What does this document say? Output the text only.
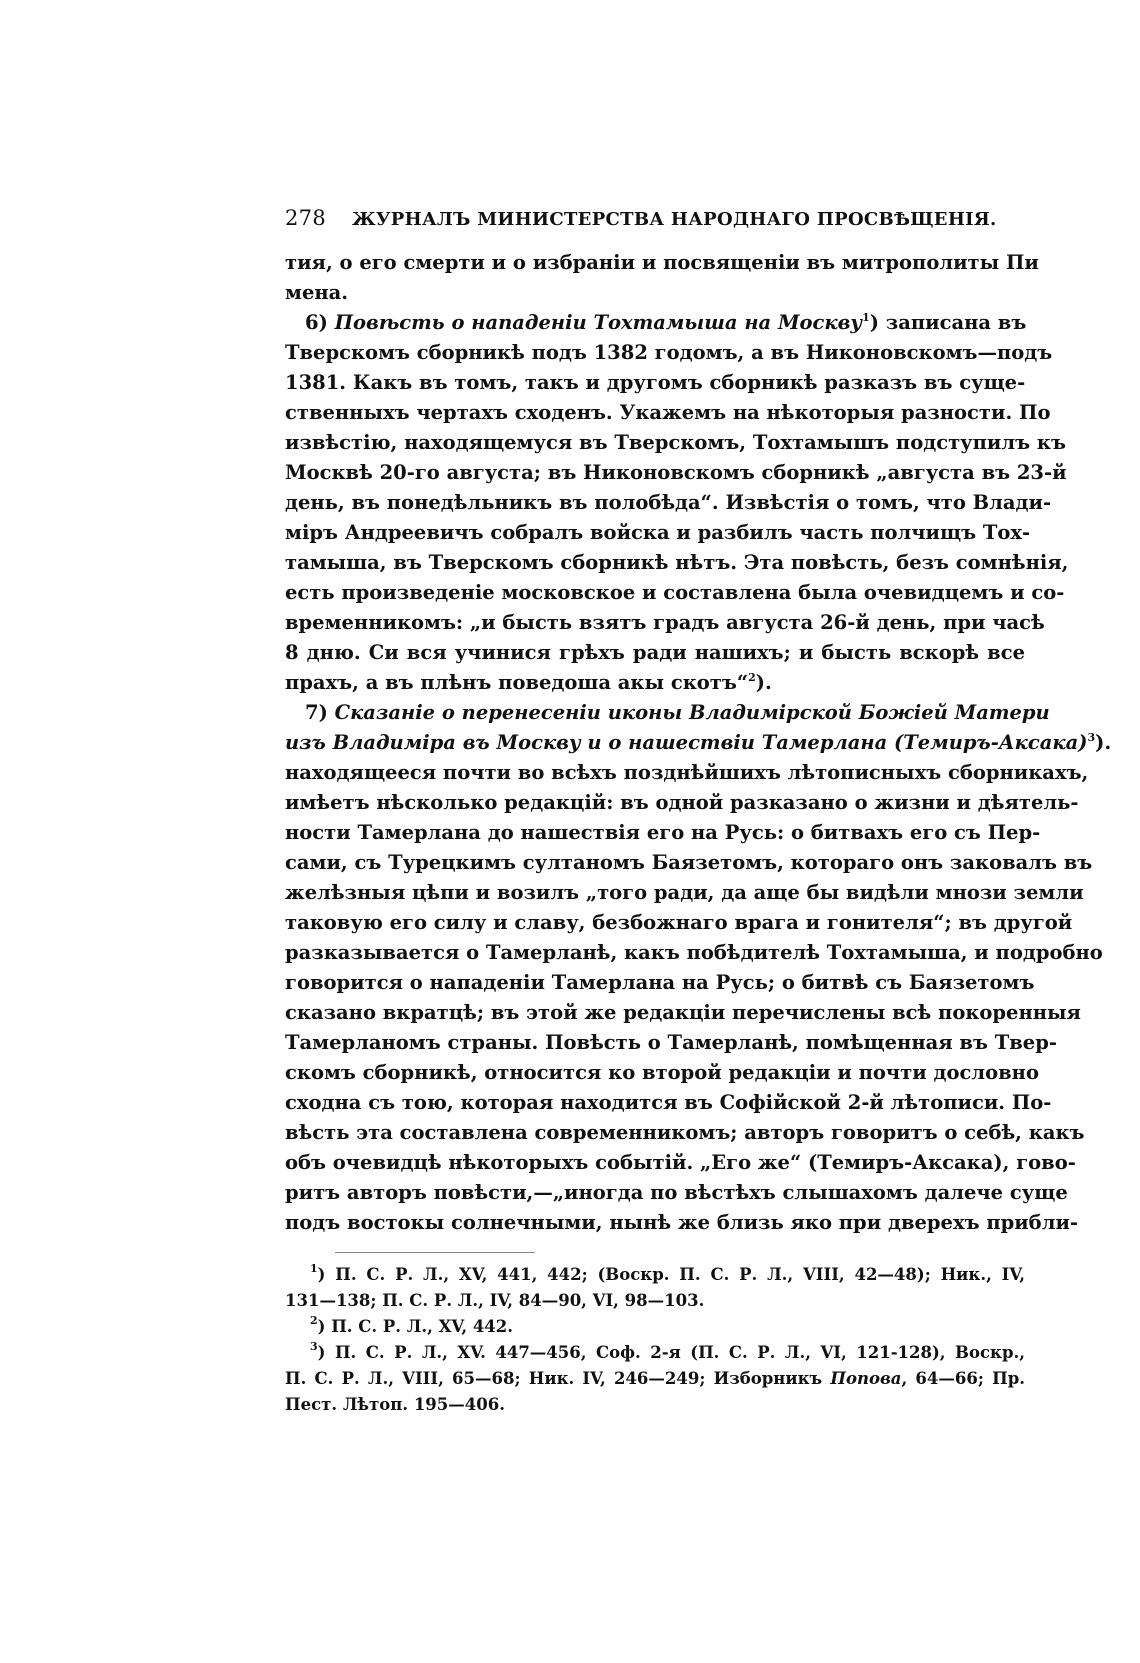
278 ЖУРНАЛЪ МИНИСТЕРСТВА НАРОДНАГО ПРОСВѢЩЕНІЯ.
тия, о его смерти и о избраніи и посвященіи въ митрополиты Пи
мена.
6) Повѣсть о нападеніи Тохтамыша на Москву$^1$) записана въ
Тверскомъ сборникѣ подъ 1382 годомъ, а въ Никоновскомъ—подъ
1381. Какъ въ томъ, такъ и другомъ сборникѣ разказъ въ суще-
ственныхъ чертахъ сходенъ. Укажемъ на нѣкоторыя разности. По
извѣстію, находящемуся въ Тверскомъ, Тохтамышъ подступилъ къ
Москвѣ 20-го августа; въ Никоновскомъ сборникѣ „августа въ 23-й
день, въ понедѣльникъ въ полобѣда“. Извѣстія о томъ, что Влади-
міръ Андреевичъ собралъ войска и разбилъ часть полчищъ Тох-
тамыша, въ Тверскомъ сборникѣ нѣтъ. Эта повѣсть, безъ сомнѣнія,
есть произведеніе московское и составлена была очевидцемъ и со-
временникомъ: „и бысть взятъ градъ августа 26-й день, при часѣ
8 дню. Си вся учинися грѣхъ ради нашихъ; и бысть вскорѣ все
прахъ, а въ плѣнъ поведоша акы скотъ“$^2$).
7) Сказаніе о перенесеніи иконы Владимірской Божіей Матери
изъ Владиміра въ Москву и о нашествіи Тамерлана (Темиръ-Аксака)$^3$).
находящееся почти во всѣхъ позднѣйшихъ лѣтописныхъ сборникахъ,
имѣетъ нѣсколько редакцій: въ одной разказано о жизни и дѣятель-
ности Тамерлана до нашествія его на Русь: о битвахъ его съ Пер-
сами, съ Турецкимъ султаномъ Баязетомъ, котораго онъ заковалъ въ
желѣзныя цѣпи и возилъ „того ради, да аще бы видѣли мнози земли
таковую его силу и славу, безбожнаго врага и гонителя“; въ другой
разказывается о Тамерланѣ, какъ побѣдителѣ Тохтамыша, и подробно
говорится о нападеніи Тамерлана на Русь; о битвѣ съ Баязетомъ
сказано вкратцѣ; въ этой же редакціи перечислены всѣ покоренныя
Тамерланомъ страны. Повѣсть о Тамерланѣ, помѣщенная въ Твер-
скомъ сборникѣ, относится ко второй редакціи и почти дословно
сходна съ тою, которая находится въ Софійской 2-й лѣтописи. По-
вѣсть эта составлена современникомъ; авторъ говоритъ о себѣ, какъ
объ очевидцѣ нѣкоторыхъ событій. „Его же“ (Темиръ-Аксака), гово-
ритъ авторъ повѣсти,—„иногда по вѣстѣхъ слышахомъ далече суще
подъ востокы солнечными, нынѣ же близь яко при дверехъ прибли-
$^1$) П. С. Р. Л., XV, 441, 442; (Воскр. П. С. Р. Л., VIII, 42—48); Ник., IV,
131—138; П. С. Р. Л., IV, 84—90, VI, 98—103.
$^2$) П. С. Р. Л., XV, 442.
$^3$) П. С. Р. Л., XV. 447—456, Соф. 2-я (П. С. Р. Л., VI, 121-128), Воскр.,
П. С. Р. Л., VIII, 65—68; Ник. IV, 246—249; Изборникъ Попова, 64—66; Пр.
Пест. Лѣтоп. 195—406.
